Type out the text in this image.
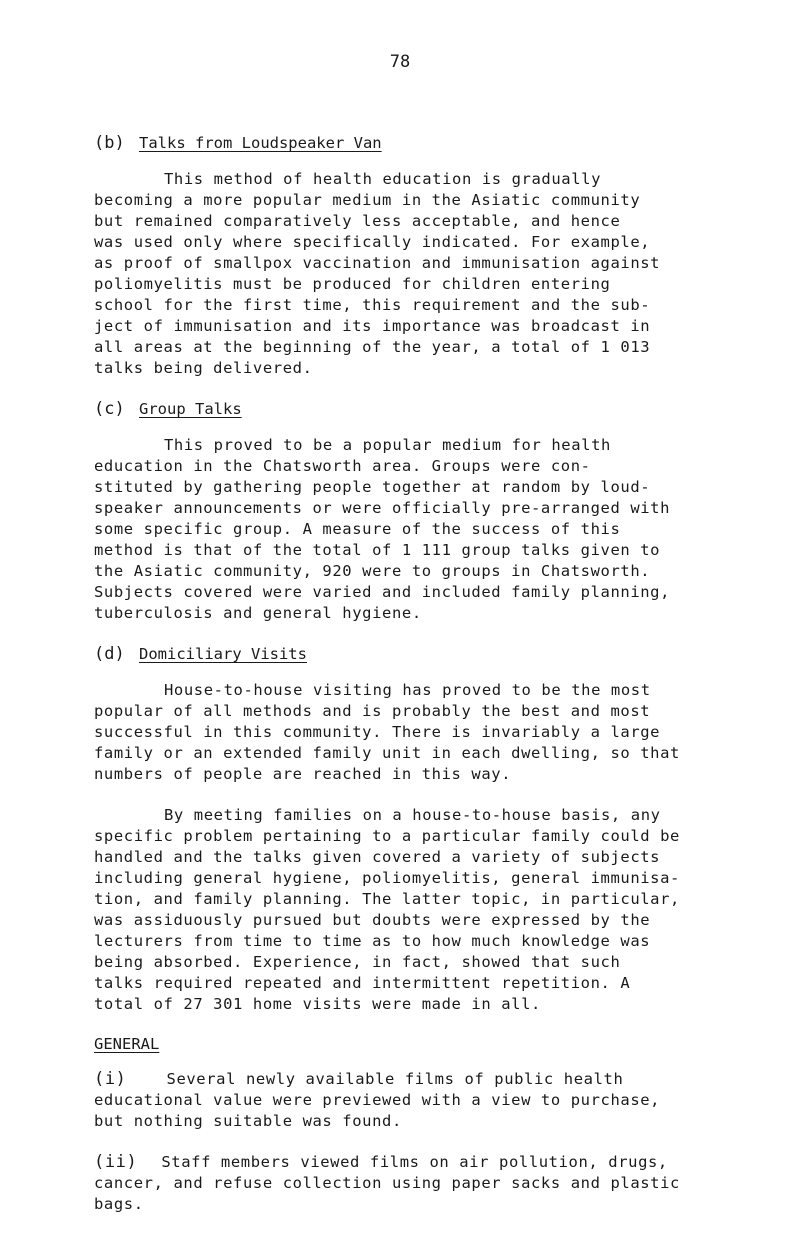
78
(b) Talks from Loudspeaker Van

This method of health education is gradually
becoming a more popular medium in the Asiatic community
but remained comparatively less acceptable, and hence
was used only where specifically indicated. For example,
as proof of smallpox vaccination and immunisation against
poliomyelitis must be produced for children entering
school for the first time, this requirement and the sub-
ject of immunisation and its importance was broadcast in
all areas at the beginning of the year, a total of 1 013
talks being delivered.

(c) Group Talks

This proved to be a popular medium for health
education in the Chatsworth area. Groups were con-
stituted by gathering people together at random by loud-
speaker announcements or were officially pre-arranged with
some specific group. A measure of the success of this
method is that of the total of 1 111 group talks given to
the Asiatic community, 920 were to groups in Chatsworth.
Subjects covered were varied and included family planning,
tuberculosis and general hygiene.

(d) Domiciliary Visits

House-to-house visiting has proved to be the most
popular of all methods and is probably the best and most
successful in this community. There is invariably a large
family or an extended family unit in each dwelling, so that
numbers of people are reached in this way.

By meeting families on a house-to-house basis, any
specific problem pertaining to a particular family could be
handled and the talks given covered a variety of subjects
including general hygiene, poliomyelitis, general immunisa-
tion, and family planning. The latter topic, in particular,
was assiduously pursued but doubts were expressed by the
lecturers from time to time as to how much knowledge was
being absorbed. Experience, in fact, showed that such
talks required repeated and intermittent repetition. A
total of 27 301 home visits were made in all.

GENERAL

(i)	Several newly available films of public health
educational value were previewed with a view to purchase,
but nothing suitable was found.

(ii) Staff members viewed films on air pollution, drugs,
cancer, and refuse collection using paper sacks and plastic
bags.
